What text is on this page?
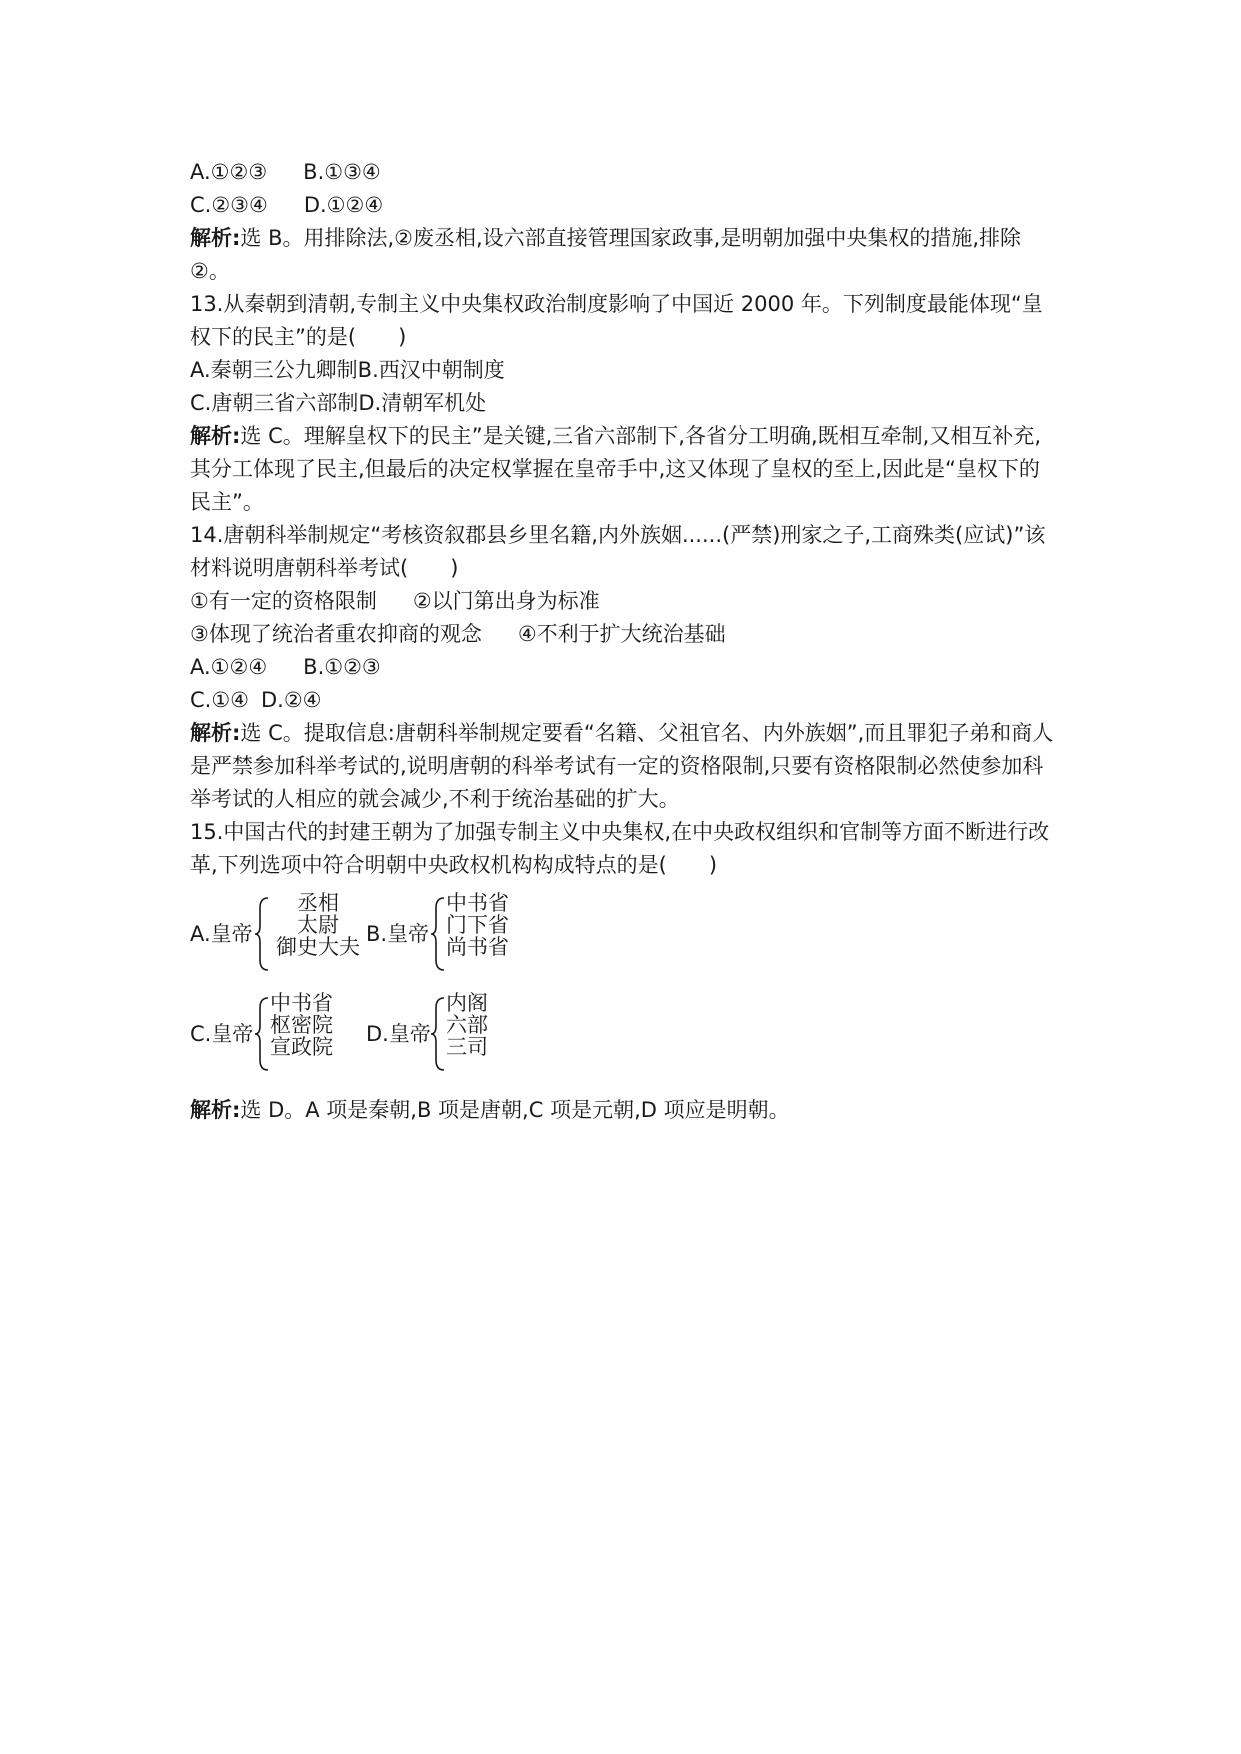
A.①②③ B.①③④
C.②③④ D.①②④
解析:选 B。用排除法,②废丞相,设六部直接管理国家政事,是明朝加强中央集权的措施,排除②。
13.从秦朝到清朝,专制主义中央集权政治制度影响了中国近 2000 年。下列制度最能体现“皇权下的民主”的是(　　)
A.秦朝三公九卿制B.西汉中朝制度
C.唐朝三省六部制D.清朝军机处
解析:选 C。理解皇权下的民主”是关键,三省六部制下,各省分工明确,既相互牵制,又相互补充,其分工体现了民主,但最后的决定权掌握在皇帝手中,这又体现了皇权的至上,因此是“皇权下的民主”。
14.唐朝科举制规定“考核资叙郡县乡里名籍,内外族姻......(严禁)刑家之子,工商殊类(应试)”该材料说明唐朝科举考试(　　)
①有一定的资格限制 ②以门第出身为标准
③体现了统治者重农抑商的观念 ④不利于扩大统治基础
A.①②④ B.①②③
C.①④ D.②④
解析:选 C。提取信息:唐朝科举制规定要看“名籍、父祖官名、内外族姻”,而且罪犯子弟和商人是严禁参加科举考试的,说明唐朝的科举考试有一定的资格限制,只要有资格限制必然使参加科举考试的人相应的就会减少,不利于统治基础的扩大。
15.中国古代的封建王朝为了加强专制主义中央集权,在中央政权组织和官制等方面不断进行改革,下列选项中符合明朝中央政权机构构成特点的是(　　)
A.皇帝
丞相
太尉
御史大夫
B.皇帝
中书省
门下省
尚书省
C.皇帝
中书省
枢密院
宣政院
D.皇帝
内阁
六部
三司
解析:选 D。A 项是秦朝,B 项是唐朝,C 项是元朝,D 项应是明朝。
